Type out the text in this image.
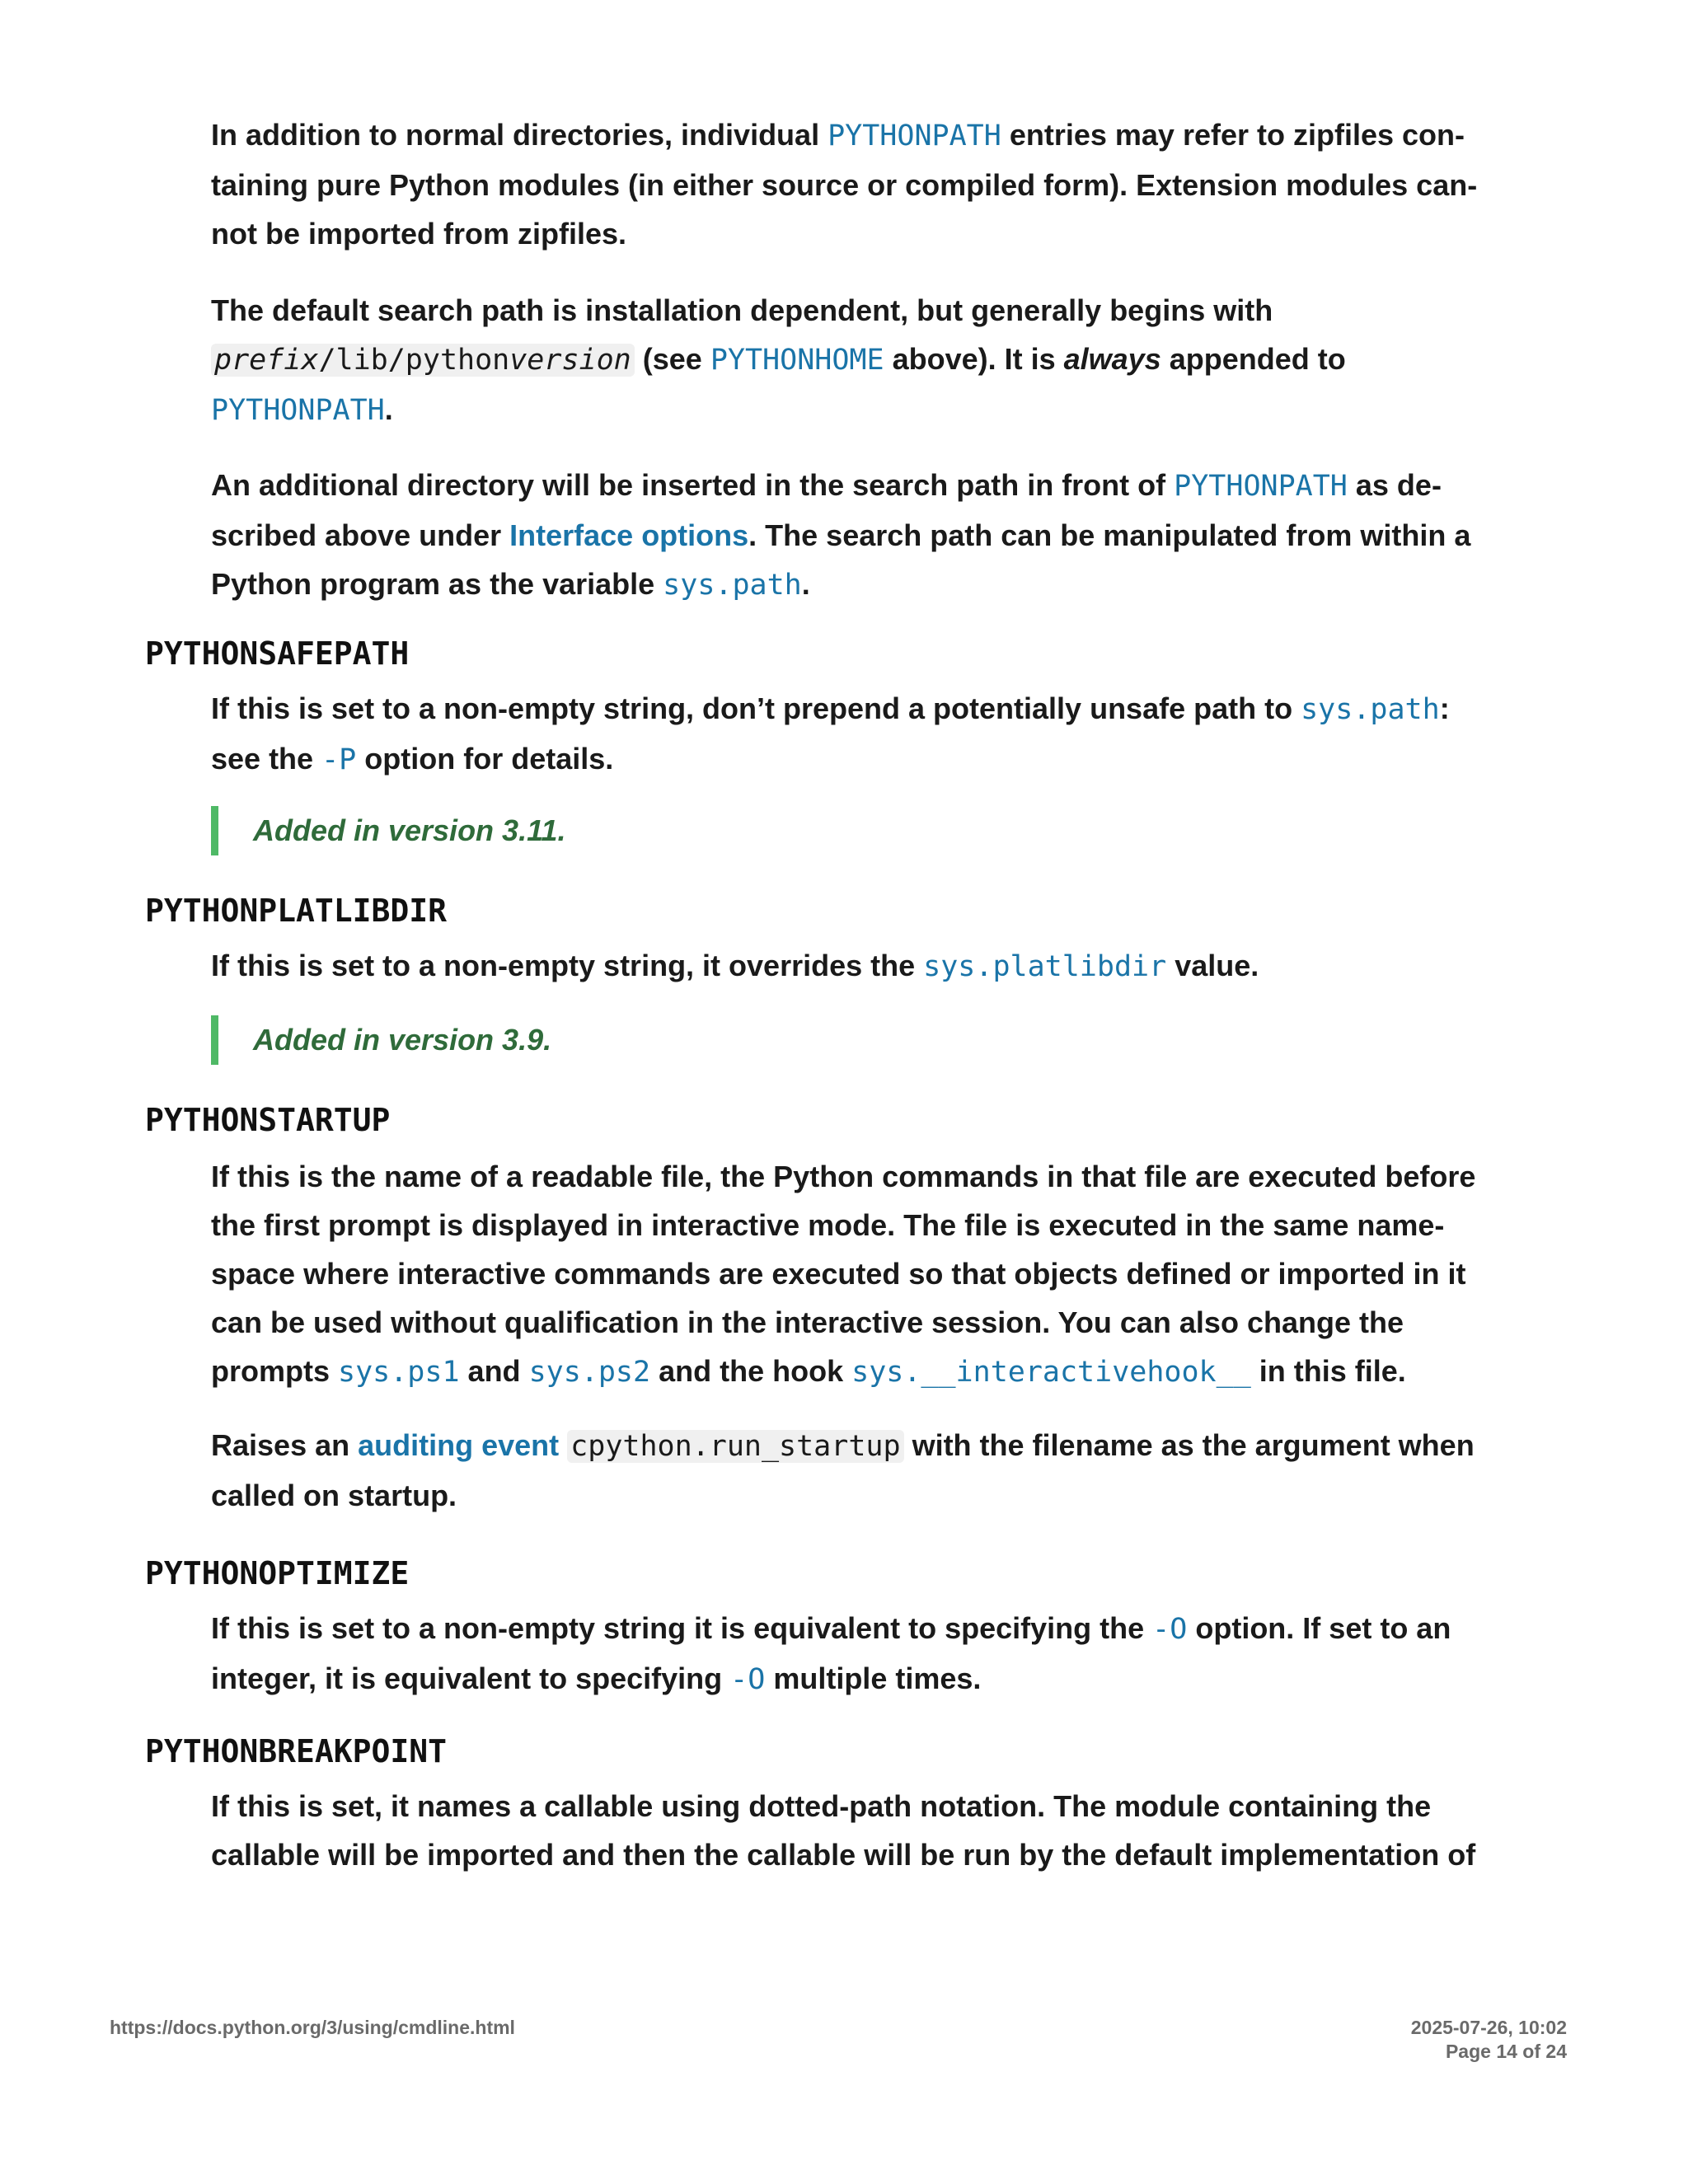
In addition to normal directories, individual PYTHONPATH entries may refer to zipfiles con-
taining pure Python modules (in either source or compiled form). Extension modules can-
not be imported from zipfiles.
The default search path is installation dependent, but generally begins with
prefix/lib/pythonversion (see PYTHONHOME above). It is always appended to
PYTHONPATH.
An additional directory will be inserted in the search path in front of PYTHONPATH as de-
scribed above under Interface options. The search path can be manipulated from within a
Python program as the variable sys.path.
PYTHONSAFEPATH
If this is set to a non-empty string, don’t prepend a potentially unsafe path to sys.path:
see the -P option for details.
Added in version 3.11.
PYTHONPLATLIBDIR
If this is set to a non-empty string, it overrides the sys.platlibdir value.
Added in version 3.9.
PYTHONSTARTUP
If this is the name of a readable file, the Python commands in that file are executed before
the first prompt is displayed in interactive mode. The file is executed in the same name-
space where interactive commands are executed so that objects defined or imported in it
can be used without qualification in the interactive session. You can also change the
prompts sys.ps1 and sys.ps2 and the hook sys.__interactivehook__ in this file.
Raises an auditing event cpython.run_startup with the filename as the argument when
called on startup.
PYTHONOPTIMIZE
If this is set to a non-empty string it is equivalent to specifying the -O option. If set to an
integer, it is equivalent to specifying -O multiple times.
PYTHONBREAKPOINT
If this is set, it names a callable using dotted-path notation. The module containing the
callable will be imported and then the callable will be run by the default implementation of
https://docs.python.org/3/using/cmdline.html	2025-07-26, 10:02
Page 14 of 24
